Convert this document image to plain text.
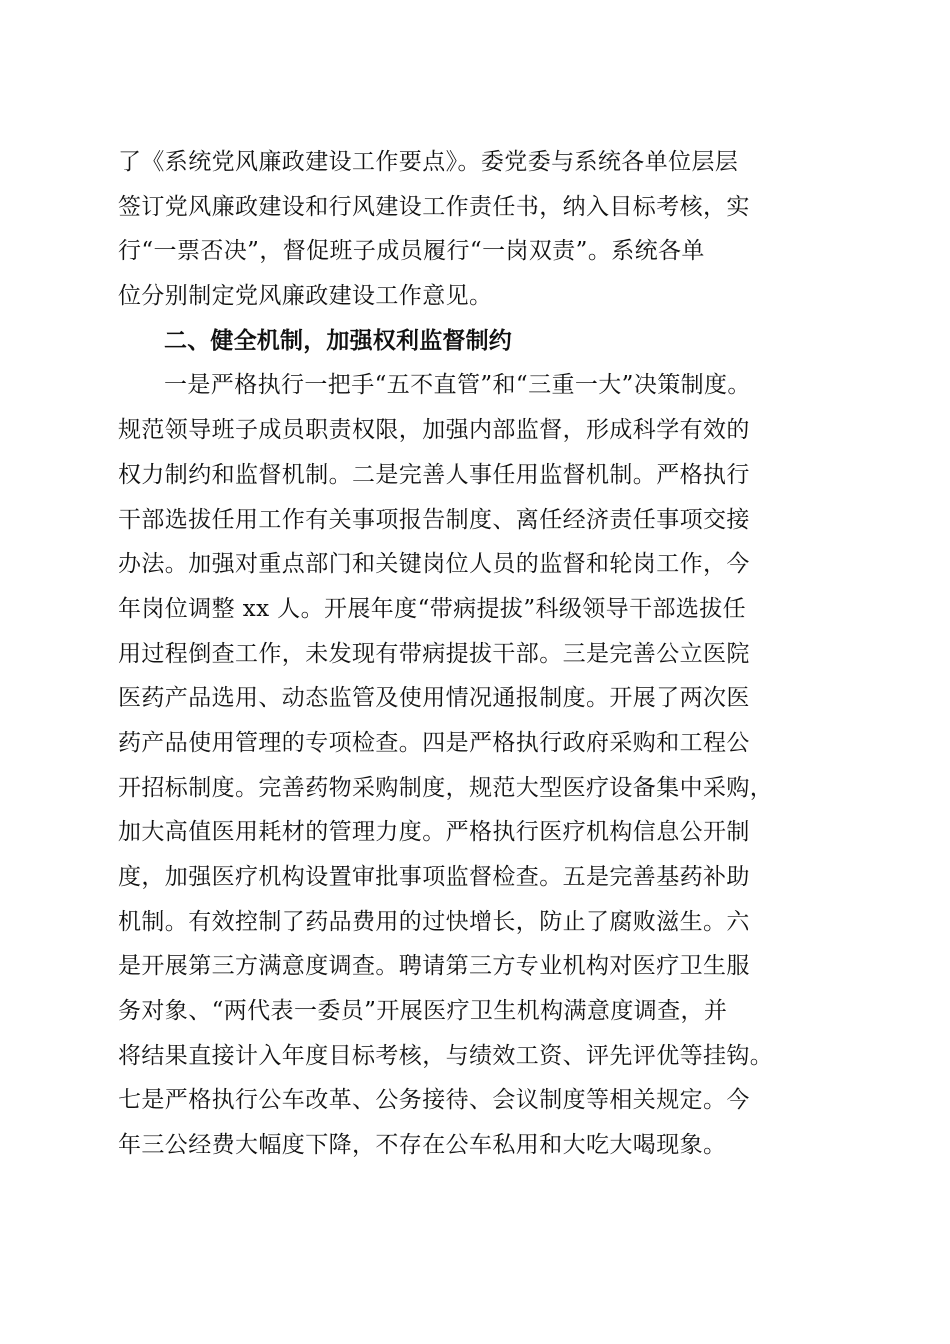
了《系统党风廉政建设工作要点》。委党委与系统各单位层层
签订党风廉政建设和行风建设工作责任书，纳入目标考核，实
行“一票否决”，督促班子成员履行“一岗双责”。系统各单
位分别制定党风廉政建设工作意见。
二、健全机制，加强权利监督制约
一是严格执行一把手“五不直管”和“三重一大”决策制度。
规范领导班子成员职责权限，加强内部监督，形成科学有效的
权力制约和监督机制。二是完善人事任用监督机制。严格执行
干部选拔任用工作有关事项报告制度、离任经济责任事项交接
办法。加强对重点部门和关键岗位人员的监督和轮岗工作，今
年岗位调整 xx 人。开展年度“带病提拔”科级领导干部选拔任
用过程倒查工作，未发现有带病提拔干部。三是完善公立医院
医药产品选用、动态监管及使用情况通报制度。开展了两次医
药产品使用管理的专项检查。四是严格执行政府采购和工程公
开招标制度。完善药物采购制度，规范大型医疗设备集中采购，
加大高值医用耗材的管理力度。严格执行医疗机构信息公开制
度，加强医疗机构设置审批事项监督检查。五是完善基药补助
机制。有效控制了药品费用的过快增长，防止了腐败滋生。六
是开展第三方满意度调查。聘请第三方专业机构对医疗卫生服
务对象、“两代表一委员”开展医疗卫生机构满意度调查，并
将结果直接计入年度目标考核，与绩效工资、评先评优等挂钩。
七是严格执行公车改革、公务接待、会议制度等相关规定。今
年三公经费大幅度下降，不存在公车私用和大吃大喝现象。
